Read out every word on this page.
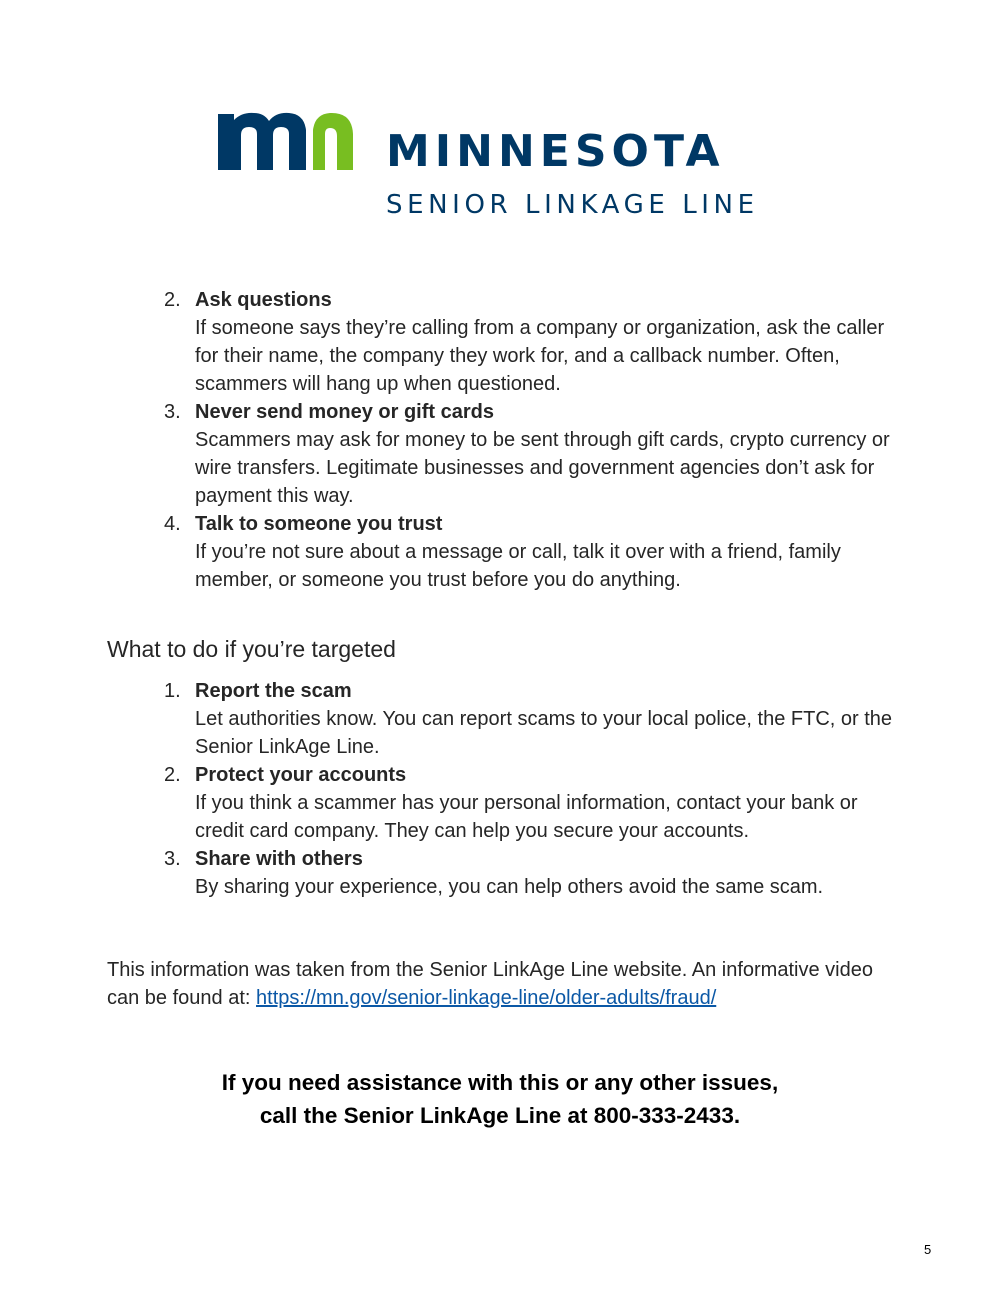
MINNESOTA
SENIOR LINKAGE LINE
2. Ask questions
If someone says they’re calling from a company or organization, ask the caller for their name, the company they work for, and a callback number. Often, scammers will hang up when questioned.
3. Never send money or gift cards
Scammers may ask for money to be sent through gift cards, crypto currency or wire transfers. Legitimate businesses and government agencies don’t ask for payment this way.
4. Talk to someone you trust
If you’re not sure about a message or call, talk it over with a friend, family member, or someone you trust before you do anything.
What to do if you’re targeted
1. Report the scam
Let authorities know. You can report scams to your local police, the FTC, or the Senior LinkAge Line.
2. Protect your accounts
If you think a scammer has your personal information, contact your bank or credit card company. They can help you secure your accounts.
3. Share with others
By sharing your experience, you can help others avoid the same scam.

This information was taken from the Senior LinkAge Line website. An informative video can be found at: https://mn.gov/senior-linkage-line/older-adults/fraud/

If you need assistance with this or any other issues,
call the Senior LinkAge Line at 800-333-2433.
5
